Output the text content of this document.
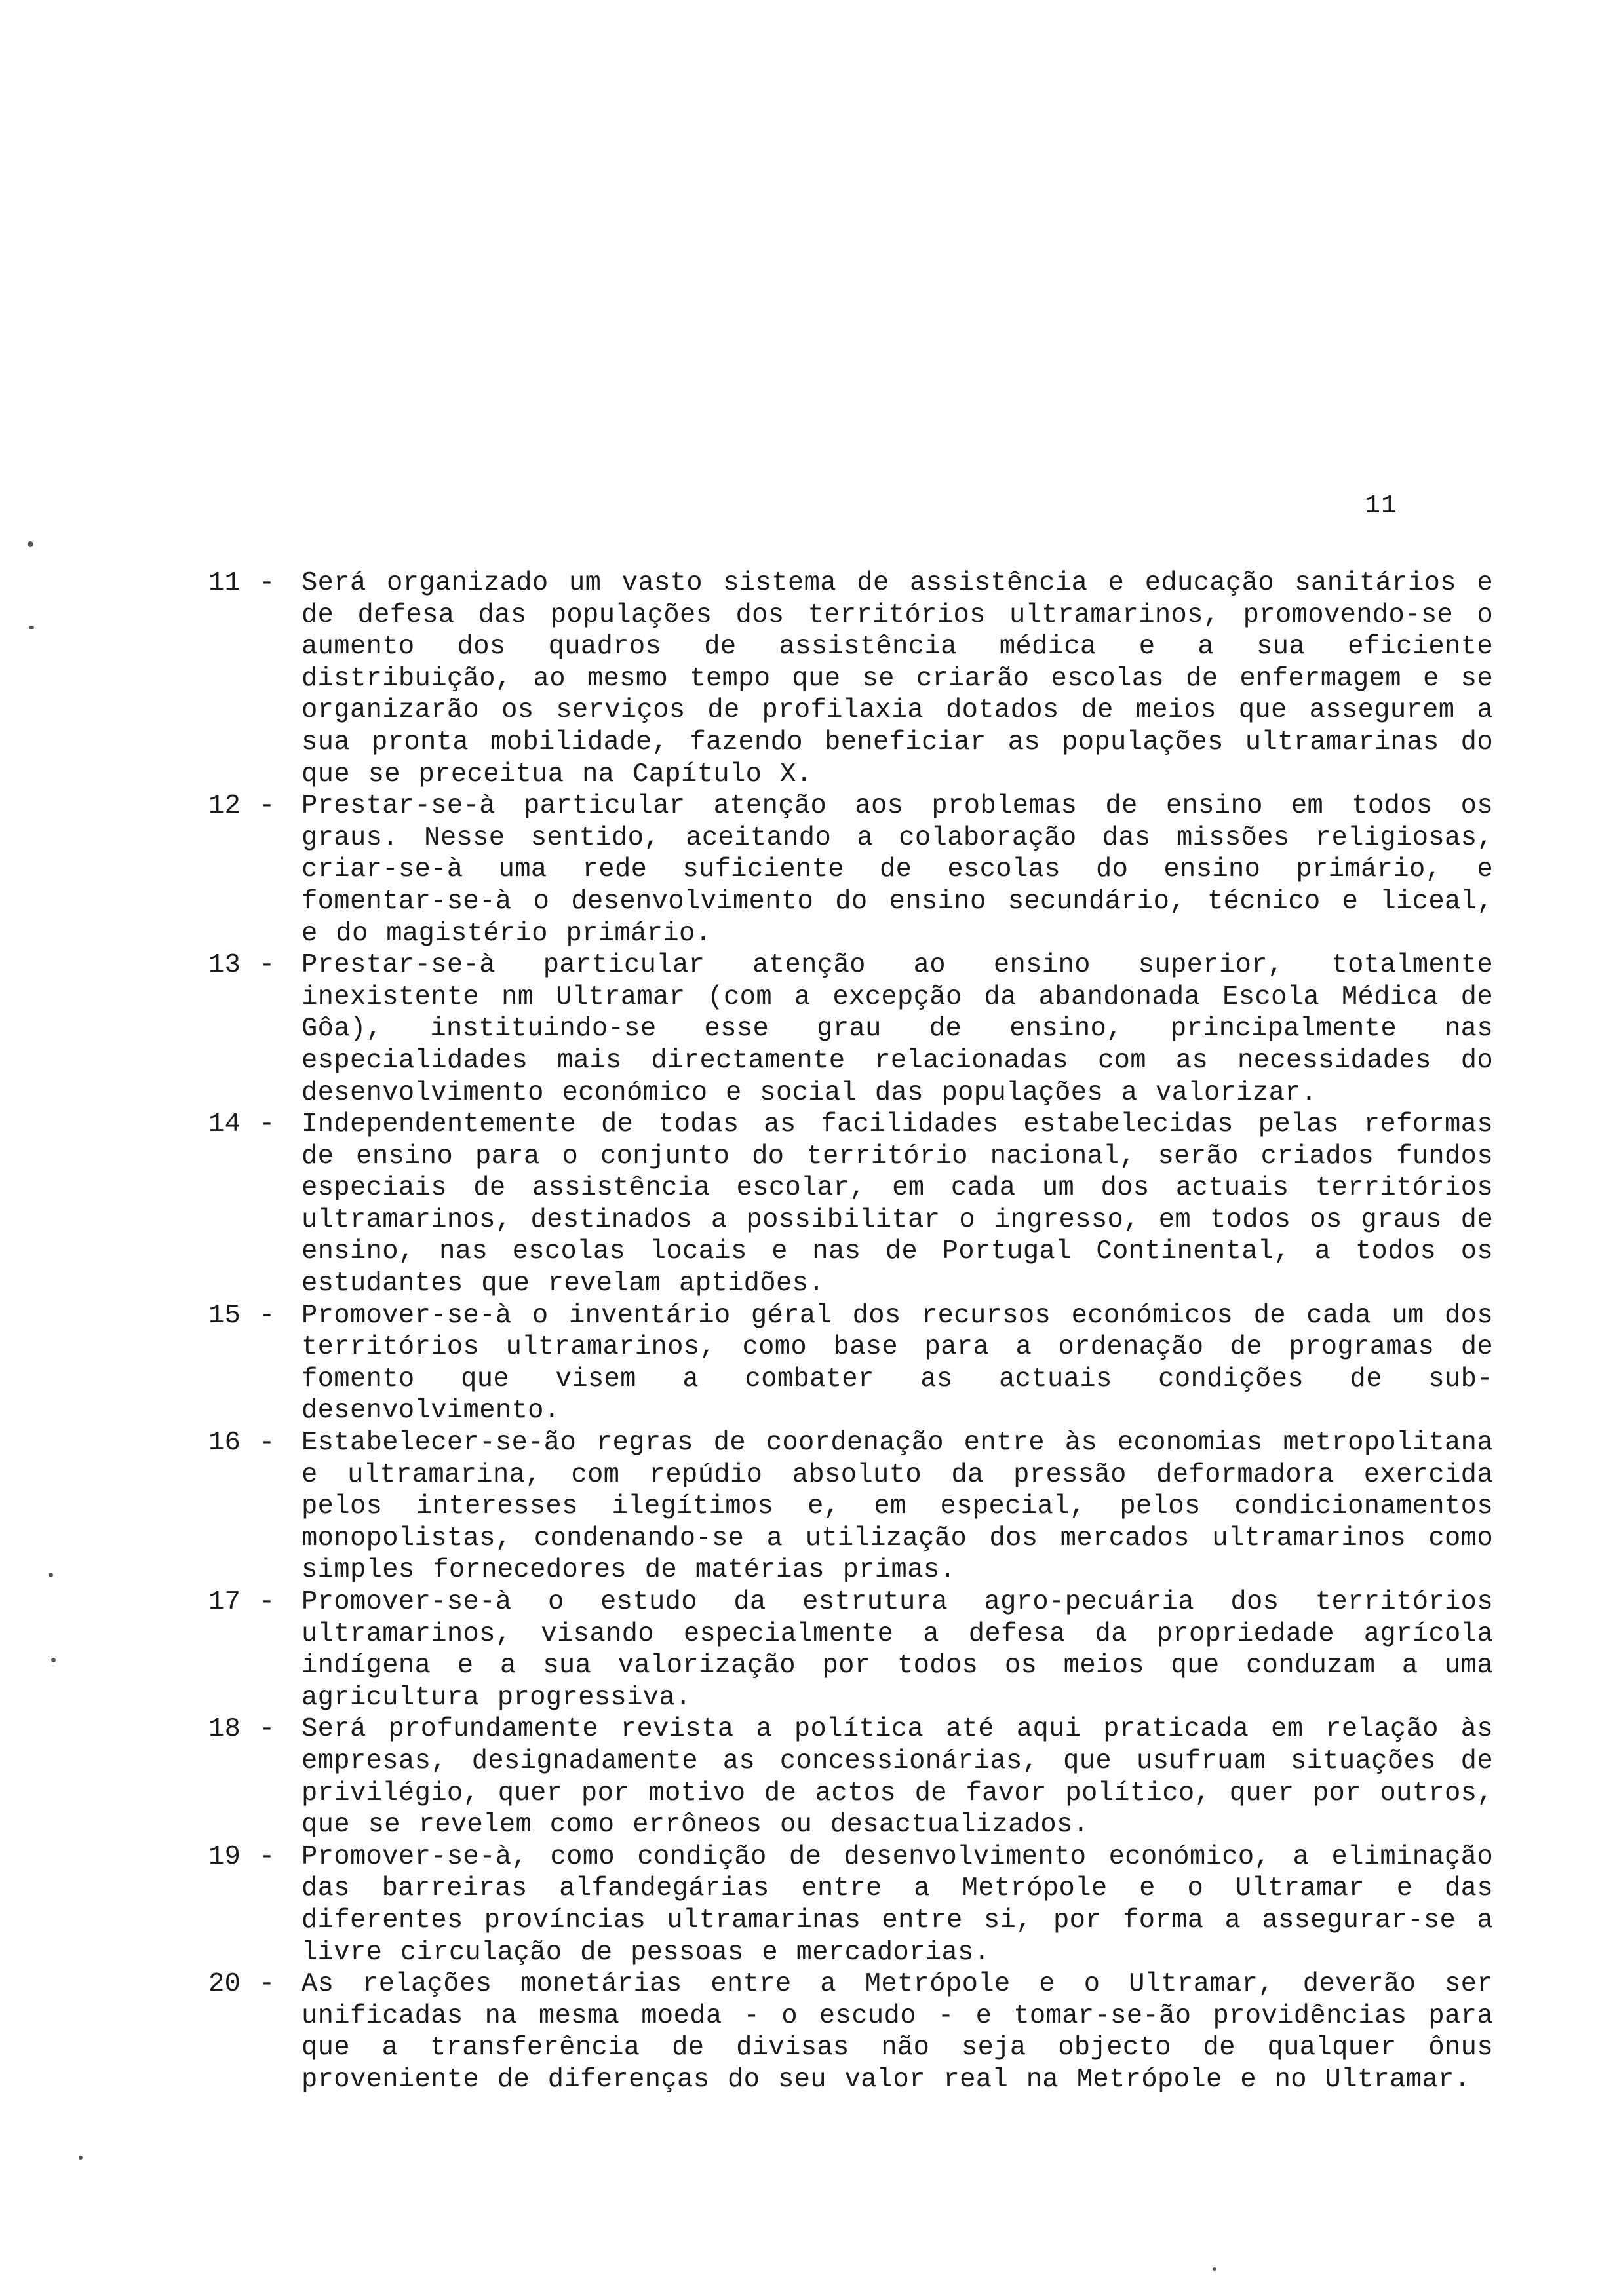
11
11 - Será organizado um vasto sistema de assistência e educação sanitários e de defesa das populações dos territórios ultramarinos, promovendo-se o aumento dos quadros de assistência médica e a sua eficiente distribuição, ao mesmo tempo que se criarão escolas de enfermagem e se organizarão os serviços de profilaxia dotados de meios que assegurem a sua pronta mobilidade, fazendo beneficiar as populações ultramarinas do que se preceitua na Capítulo X.
12 - Prestar-se-à particular atenção aos problemas de ensino em todos os graus. Nesse sentido, aceitando a colaboração das missões religiosas, criar-se-à uma rede suficiente de escolas do ensino primário, e fomentar-se-à o desenvolvimento do ensino secundário, técnico e liceal, e do magistério primário.
13 - Prestar-se-à particular atenção ao ensino superior, totalmente inexistente nm Ultramar (com a excepção da abandonada Escola Médica de Gôa), instituindo-se esse grau de ensino, principalmente nas especialidades mais directamente relacionadas com as necessidades do desenvolvimento económico e social das populações a valorizar.
14 - Independentemente de todas as facilidades estabelecidas pelas reformas de ensino para o conjunto do território nacional, serão criados fundos especiais de assistência escolar, em cada um dos actuais territórios ultramarinos, destinados a possibilitar o ingresso, em todos os graus de ensino, nas escolas locais e nas de Portugal Continental, a todos os estudantes que revelam aptidões.
15 - Promover-se-à o inventário géral dos recursos económicos de cada um dos territórios ultramarinos, como base para a ordenação de programas de fomento que visem a combater as actuais condições de sub-desenvolvimento.
16 - Estabelecer-se-ão regras de coordenação entre às economias metropolitana e ultramarina, com repúdio absoluto da pressão deformadora exercida pelos interesses ilegítimos e, em especial, pelos condicionamentos monopolistas, condenando-se a utilização dos mercados ultramarinos como simples fornecedores de matérias primas.
17 - Promover-se-à o estudo da estrutura agro-pecuária dos territórios ultramarinos, visando especialmente a defesa da propriedade agrícola indígena e a sua valorização por todos os meios que conduzam a uma agricultura progressiva.
18 - Será profundamente revista a política até aqui praticada em relação às empresas, designadamente as concessionárias, que usufruam situações de privilégio, quer por motivo de actos de favor político, quer por outros, que se revelem como errôneos ou desactualizados.
19 - Promover-se-à, como condição de desenvolvimento económico, a eliminação das barreiras alfandegárias entre a Metrópole e o Ultramar e das diferentes províncias ultramarinas entre si, por forma a assegurar-se a livre circulação de pessoas e mercadorias.
20 - As relações monetárias entre a Metrópole e o Ultramar, deverão ser unificadas na mesma moeda - o escudo - e tomar-se-ão providências para que a transferência de divisas não seja objecto de qualquer ônus proveniente de diferenças do seu valor real na Metrópole e no Ultramar.
